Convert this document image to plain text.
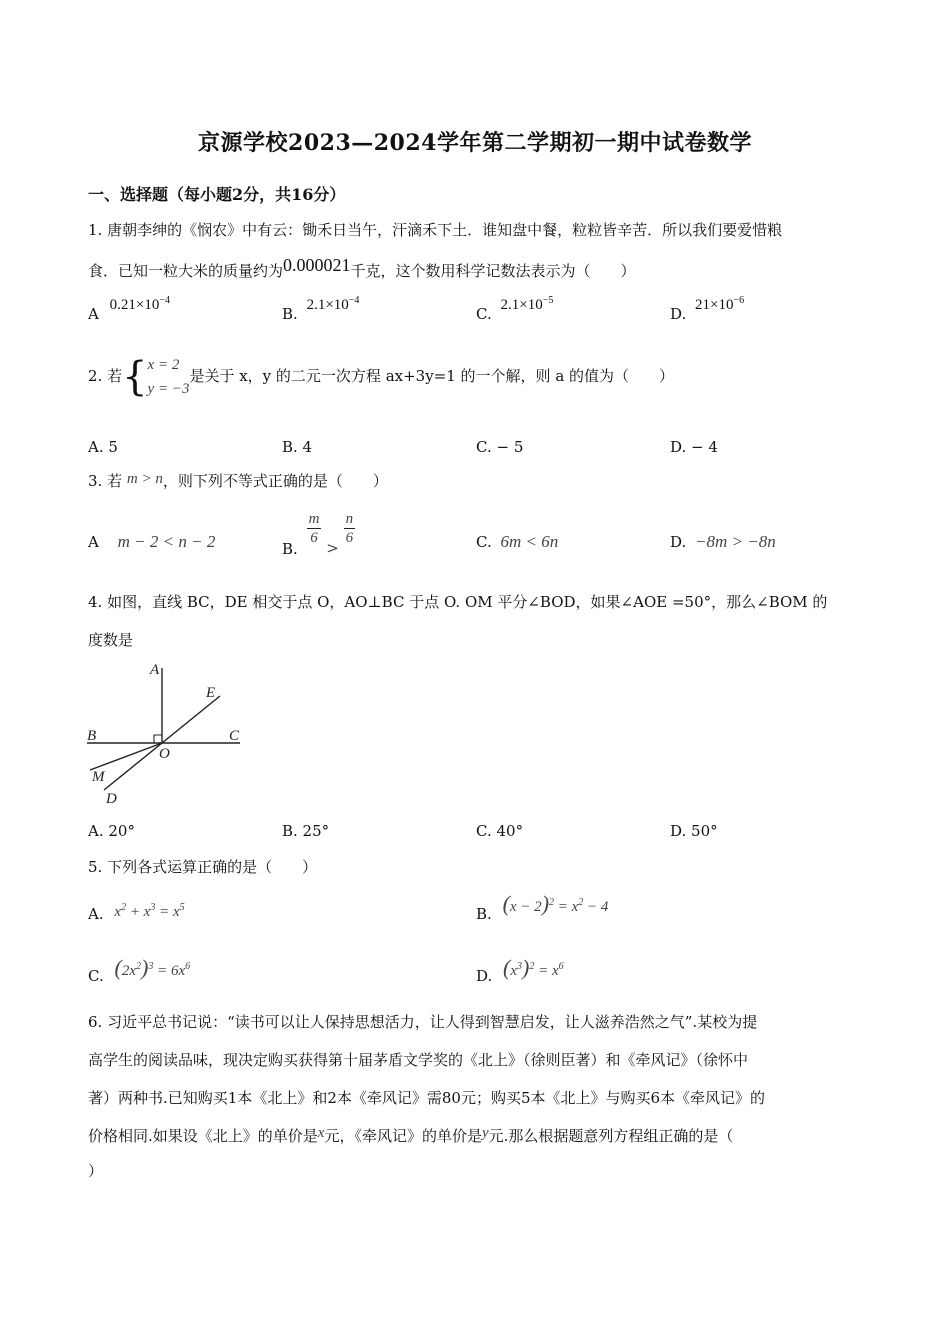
京源学校2023—2024学年第二学期初一期中试卷数学
一、选择题（每小题2分，共16分）
1. 唐朝李绅的《悯农》中有云：锄禾日当午，汗滴禾下土．谁知盘中餐，粒粒皆辛苦．所以我们要爱惜粮
食．已知一粒大米的质量约为0.000021千克，这个数用科学记数法表示为（　　）
A $0.21\times 10^{-4}$
B. $2.1\times 10^{-4}$
C. $2.1\times 10^{-5}$
D. $21\times 10^{-6}$
2. 若{ x = 2
y = −3
是关于 x，y 的二元一次方程 ax+3y=1 的一个解，则 a 的值为（　　）
A. 5	B. 4	C. − 5	D. − 4
3. 若 m > n，则下列不等式正确的是（　　）
A m − 2 < n − 2	B.
$\frac{m}{6}$
>
$\frac{n}{6}$	C. 6m < 6n	D. −8m > −8n
4. 如图，直线 BC，DE 相交于点 O，AO⊥BC 于点 O. OM 平分∠BOD，如果∠AOE =50°，那么∠BOM 的
度数是
A
E
B	C
O
M
D
A. 20°	B. 25°	C. 40°	D. 50°
5. 下列各式运算正确的是（　　）
A. $x^2 + x^3 = x^5$	B. $(x - 2)^2 = x^2 - 4$
C. $(2x^2)^3 = 6x^6$
D. $(x^3)^2 = x^6$
6. 习近平总书记说：“读书可以让人保持思想活力，让人得到智慧启发，让人滋养浩然之气”.某校为提
高学生的阅读品味，现决定购买获得第十届茅盾文学奖的《北上》（徐则臣著）和《牵风记》（徐怀中
著）两种书.已知购买1本《北上》和2本《牵风记》需80元；购买5本《北上》与购买6本《牵风记》的
价格相同.如果设《北上》的单价是x元，《牵风记》的单价是y元.那么根据题意列方程组正确的是（
）
